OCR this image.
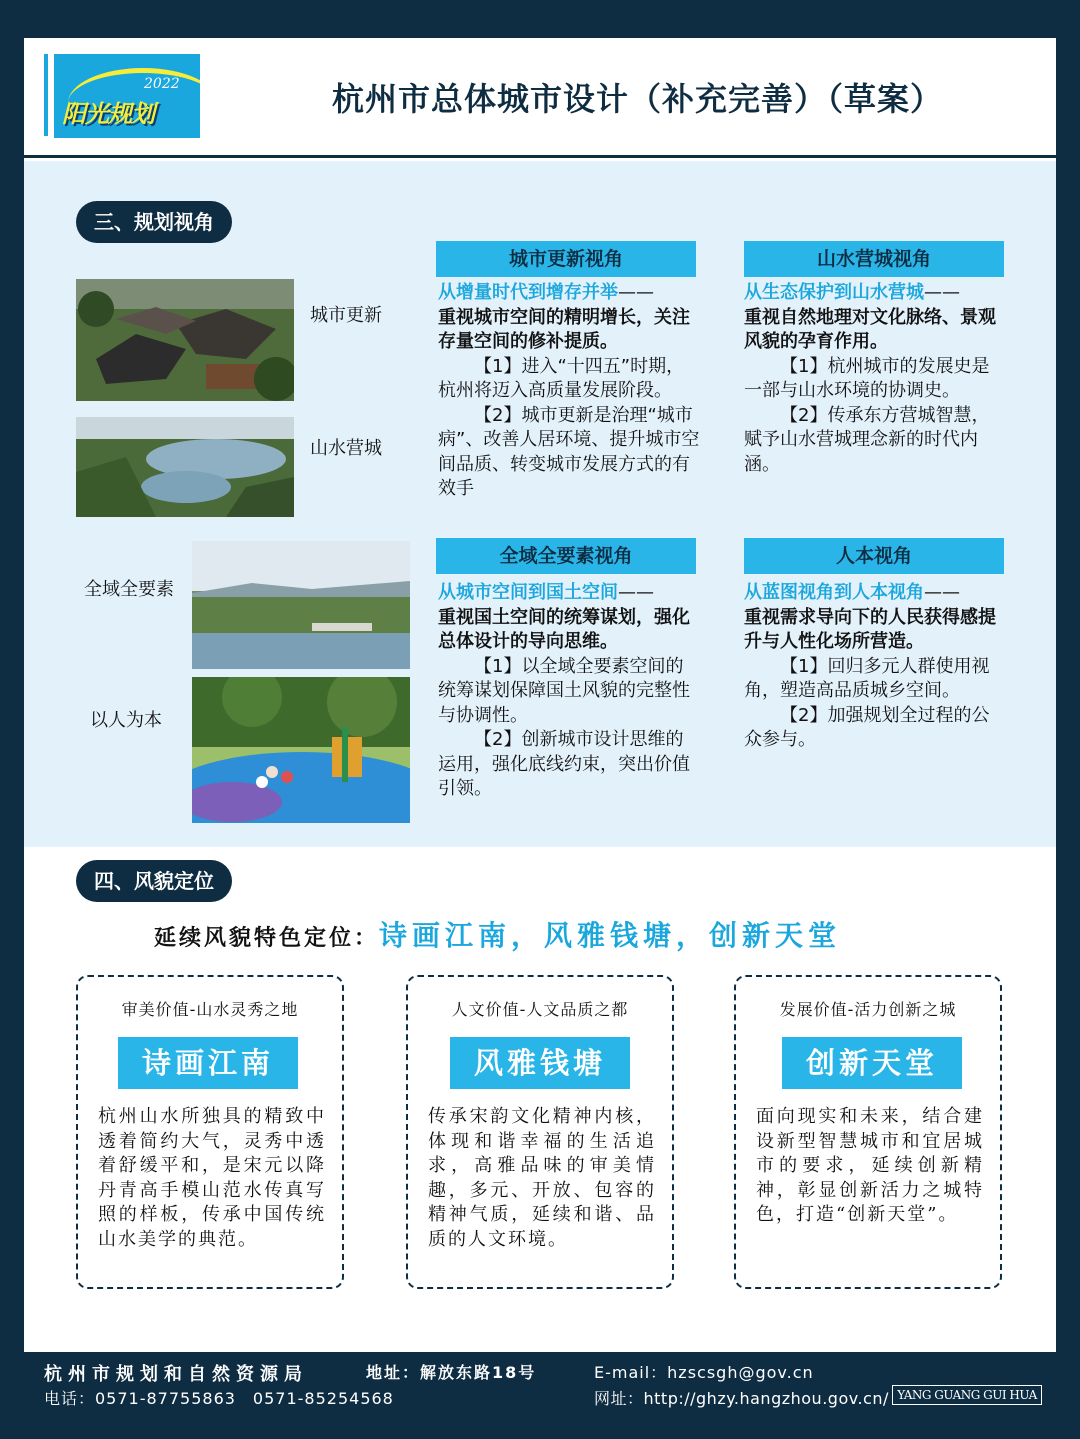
2022
阳光规划	杭州市总体城市设计（补充完善）（草案）
三、规划视角
城市更新
山水营城
全域全要素
以人为本
城市更新视角
从增量时代到增存并举——
重视城市空间的精明增长，关注存量空间的修补提质。
【1】进入“十四五”时期，杭州将迈入高质量发展阶段。
【2】城市更新是治理“城市病”、改善人居环境、提升城市空间品质、转变城市发展方式的有效手
山水营城视角
从生态保护到山水营城——
重视自然地理对文化脉络、景观风貌的孕育作用。
【1】杭州城市的发展史是一部与山水环境的协调史。
【2】传承东方营城智慧，赋予山水营城理念新的时代内涵。
全域全要素视角
从城市空间到国土空间——
重视国土空间的统筹谋划，强化总体设计的导向思维。
【1】以全域全要素空间的统筹谋划保障国土风貌的完整性与协调性。
【2】创新城市设计思维的运用，强化底线约束，突出价值引领。
人本视角
从蓝图视角到人本视角——
重视需求导向下的人民获得感提升与人性化场所营造。
【1】回归多元人群使用视角，塑造高品质城乡空间。
【2】加强规划全过程的公众参与。
四、风貌定位
延续风貌特色定位：诗画江南，风雅钱塘，创新天堂
审美价值-山水灵秀之地
诗画江南
杭州山水所独具的精致中透着简约大气，灵秀中透着舒缓平和，是宋元以降丹青高手模山范水传真写照的样板，传承中国传统山水美学的典范。
人文价值-人文品质之都
风雅钱塘
传承宋韵文化精神内核，体现和谐幸福的生活追求，高雅品味的审美情趣，多元、开放、包容的精神气质，延续和谐、品质的人文环境。
发展价值-活力创新之城
创新天堂
面向现实和未来，结合建设新型智慧城市和宜居城市的要求，延续创新精神，彰显创新活力之城特色，打造“创新天堂”。
杭州市规划和自然资源局	地址：解放东路18号	E-mail：hzscsgh@gov.cn
电话：0571-87755863　0571-85254568	网址：http://ghzy.hangzhou.gov.cn/ YANG GUANG GUI HUA
